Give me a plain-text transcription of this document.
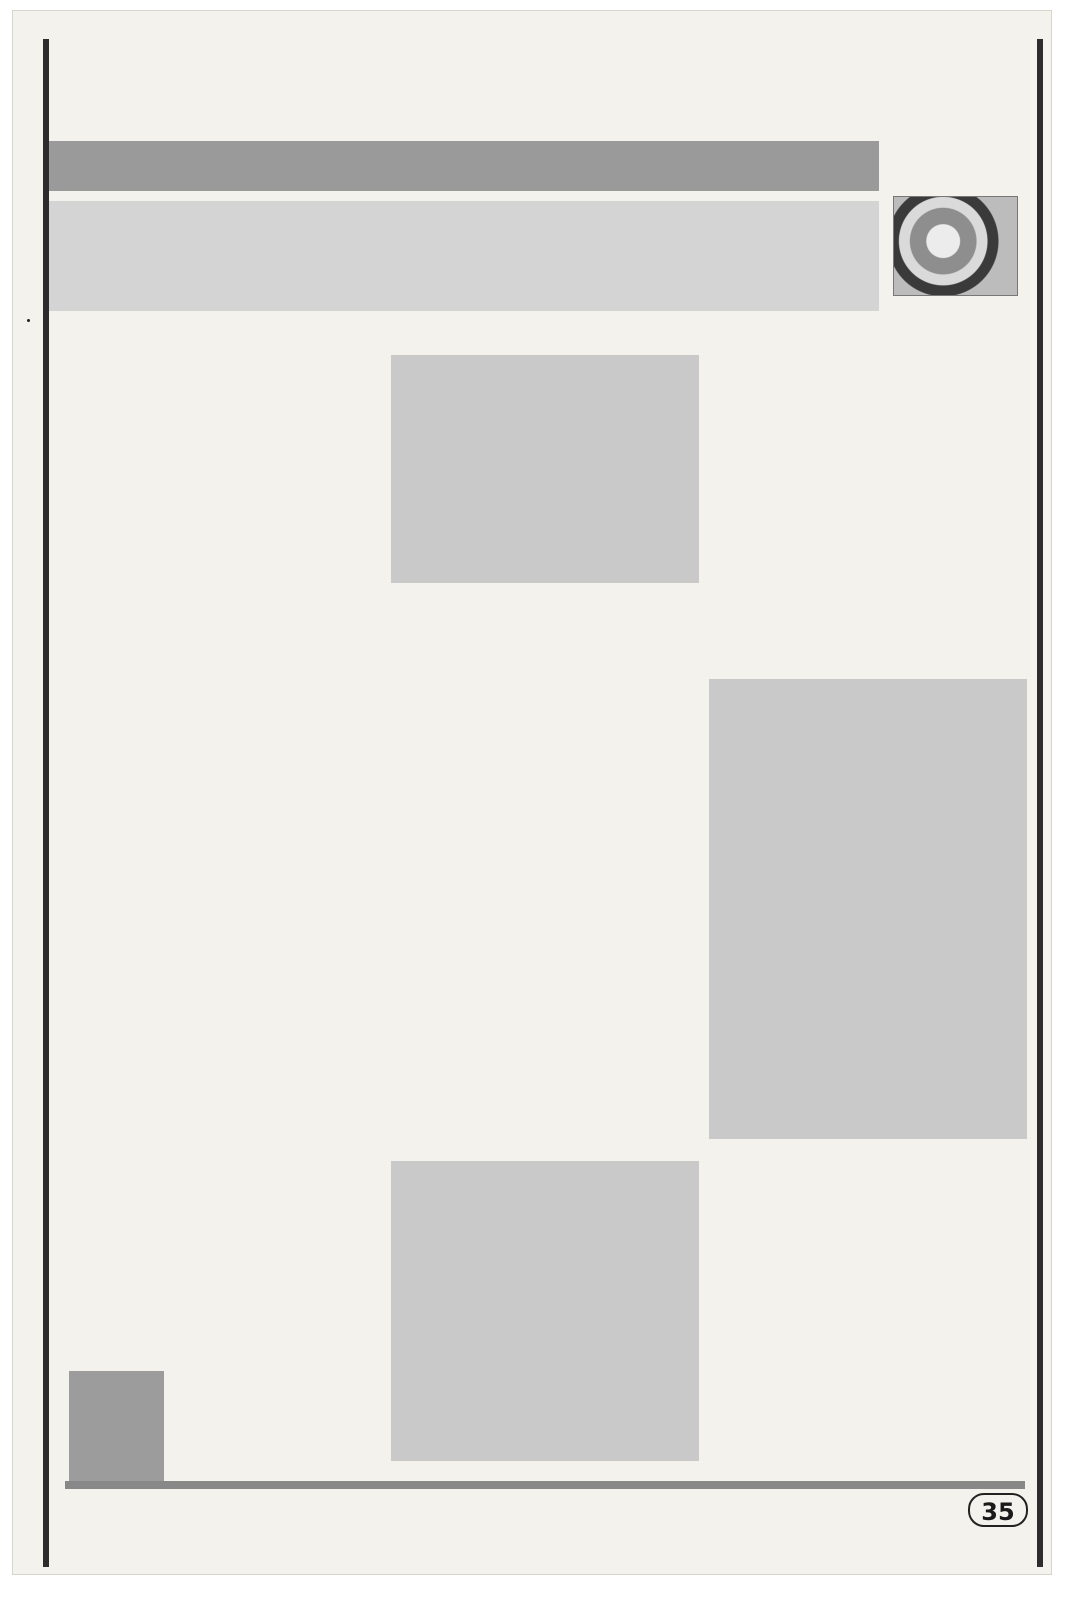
35
